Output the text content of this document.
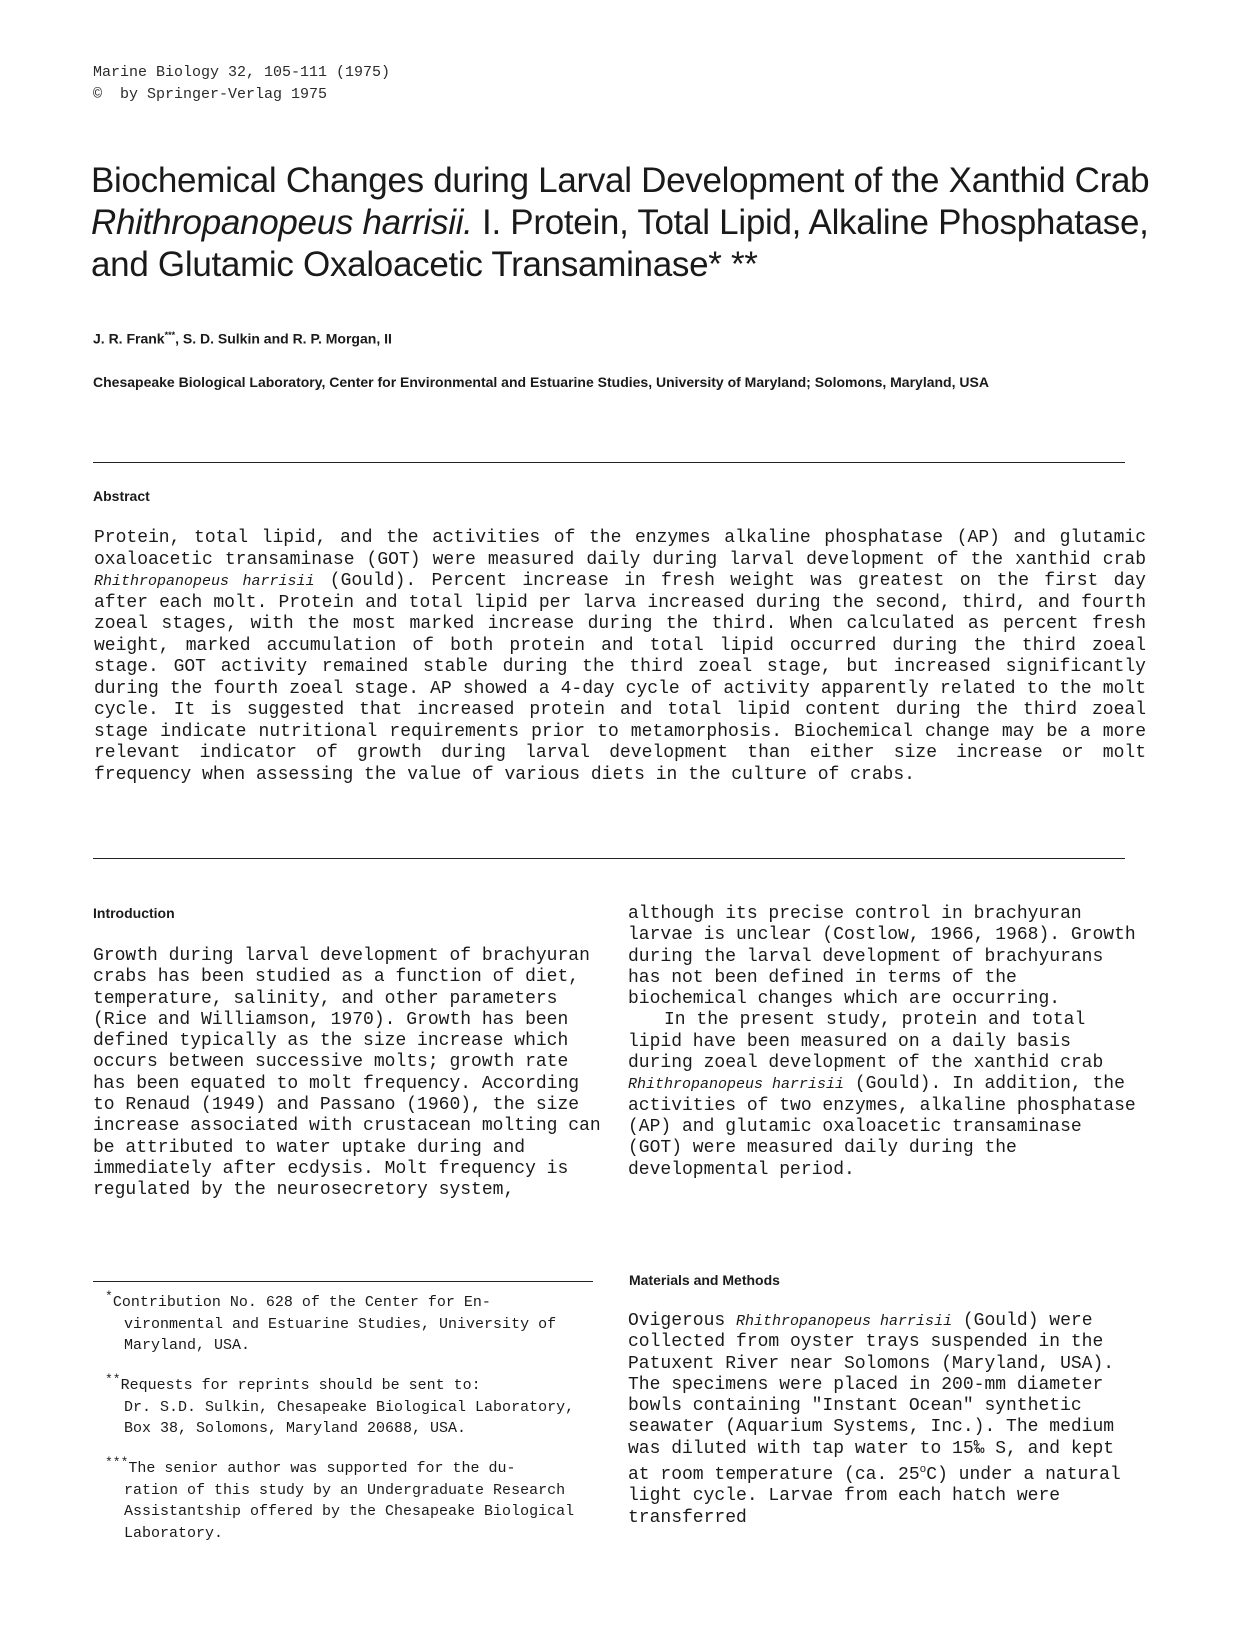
Marine Biology 32, 105-111 (1975)
©  by Springer-Verlag 1975
Biochemical Changes during Larval Development of the Xanthid Crab Rhithropanopeus harrisii. I. Protein, Total Lipid, Alkaline Phosphatase, and Glutamic Oxaloacetic Transaminase* **
J. R. Frank***, S. D. Sulkin and R. P. Morgan, II
Chesapeake Biological Laboratory, Center for Environmental and Estuarine Studies, University of Maryland; Solomons, Maryland, USA
Abstract

Protein, total lipid, and the activities of the enzymes alkaline phosphatase (AP) and glutamic oxaloacetic transaminase (GOT) were measured daily during larval development of the xanthid crab Rhithropanopeus harrisii (Gould). Percent increase in fresh weight was greatest on the first day after each molt. Protein and total lipid per larva increased during the second, third, and fourth zoeal stages, with the most marked increase during the third. When calculated as percent fresh weight, marked accumulation of both protein and total lipid occurred during the third zoeal stage. GOT activity remained stable during the third zoeal stage, but increased significantly during the fourth zoeal stage. AP showed a 4-day cycle of activity apparently related to the molt cycle. It is suggested that increased protein and total lipid content during the third zoeal stage indicate nutritional requirements prior to metamorphosis. Biochemical change may be a more relevant indicator of growth during larval development than either size increase or molt frequency when assessing the value of various diets in the culture of crabs.

Introduction

Growth during larval development of brachyuran crabs has been studied as a function of diet, temperature, salinity, and other parameters (Rice and Williamson, 1970). Growth has been defined typically as the size increase which occurs between successive molts; growth rate has been equated to molt frequency. According to Renaud (1949) and Passano (1960), the size increase associated with crustacean molting can be attributed to water uptake during and immediately after ecdysis. Molt frequency is regulated by the neurosecretory system,

although its precise control in brachyuran larvae is unclear (Costlow, 1966, 1968). Growth during the larval development of brachyurans has not been defined in terms of the biochemical changes which are occurring.

In the present study, protein and total lipid have been measured on a daily basis during zoeal development of the xanthid crab Rhithropanopeus harrisii (Gould). In addition, the activities of two enzymes, alkaline phosphatase (AP) and glutamic oxaloacetic transaminase (GOT) were measured daily during the developmental period.

Materials and Methods

Ovigerous Rhithropanopeus harrisii (Gould) were collected from oyster trays suspended in the Patuxent River near Solomons (Maryland, USA). The specimens were placed in 200-mm diameter bowls containing "Instant Ocean" synthetic seawater (Aquarium Systems, Inc.). The medium was diluted with tap water to 15‰ S, and kept at room temperature (ca. 25$^o$C) under a natural light cycle. Larvae from each hatch were transferred

*Contribution No. 628 of the Center for En-
vironmental and Estuarine Studies, University of Maryland, USA.

**Requests for reprints should be sent to:
Dr. S.D. Sulkin, Chesapeake Biological Laboratory, Box 38, Solomons, Maryland 20688, USA.

***The senior author was supported for the du-
ration of this study by an Undergraduate Research Assistantship offered by the Chesapeake Biological Laboratory.
